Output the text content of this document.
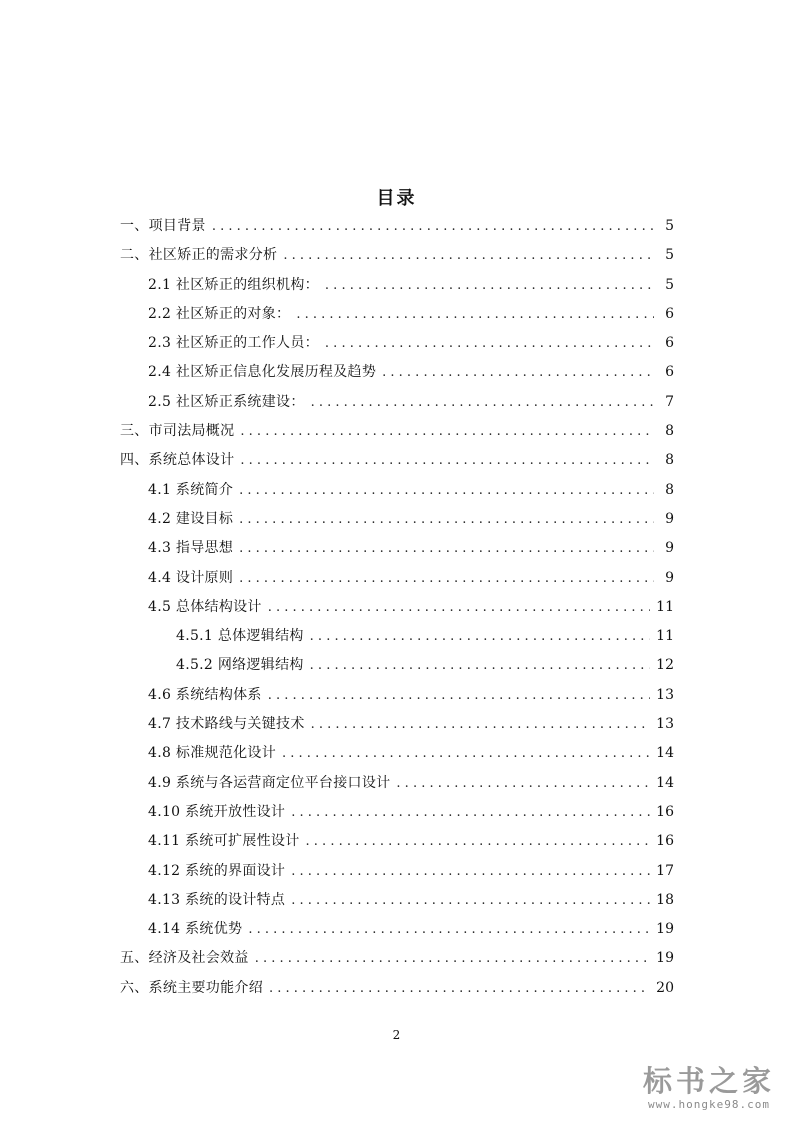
目录
一、项目背景 . . .	5
二、社区矫正的需求分析 . . .	5
2.1 社区矫正的组织机构： . . .	5
2.2 社区矫正的对象： . . .	6
2.3 社区矫正的工作人员： . . .	6
2.4 社区矫正信息化发展历程及趋势 . . .	6
2.5 社区矫正系统建设： . . .	7
三、市司法局概况 . . .	8
四、系统总体设计 . . .	8
4.1 系统简介 . . .	8
4.2 建设目标 . . .	9
4.3 指导思想 . . .	9
4.4 设计原则 . . .	9
4.5 总体结构设计 . . .	11
4.5.1 总体逻辑结构 . . .	11
4.5.2 网络逻辑结构 . . .	12
4.6 系统结构体系 . . .	13
4.7 技术路线与关键技术 . . .	13
4.8 标准规范化设计 . . .	14
4.9 系统与各运营商定位平台接口设计 . . .	14
4.10 系统开放性设计 . . .	16
4.11 系统可扩展性设计 . . .	16
4.12 系统的界面设计 . . .	17
4.13 系统的设计特点 . . .	18
4.14 系统优势 . . .	19
五、经济及社会效益 . . .	19
六、系统主要功能介绍 . . .	20
2
标书之家
www.hongke98.com
